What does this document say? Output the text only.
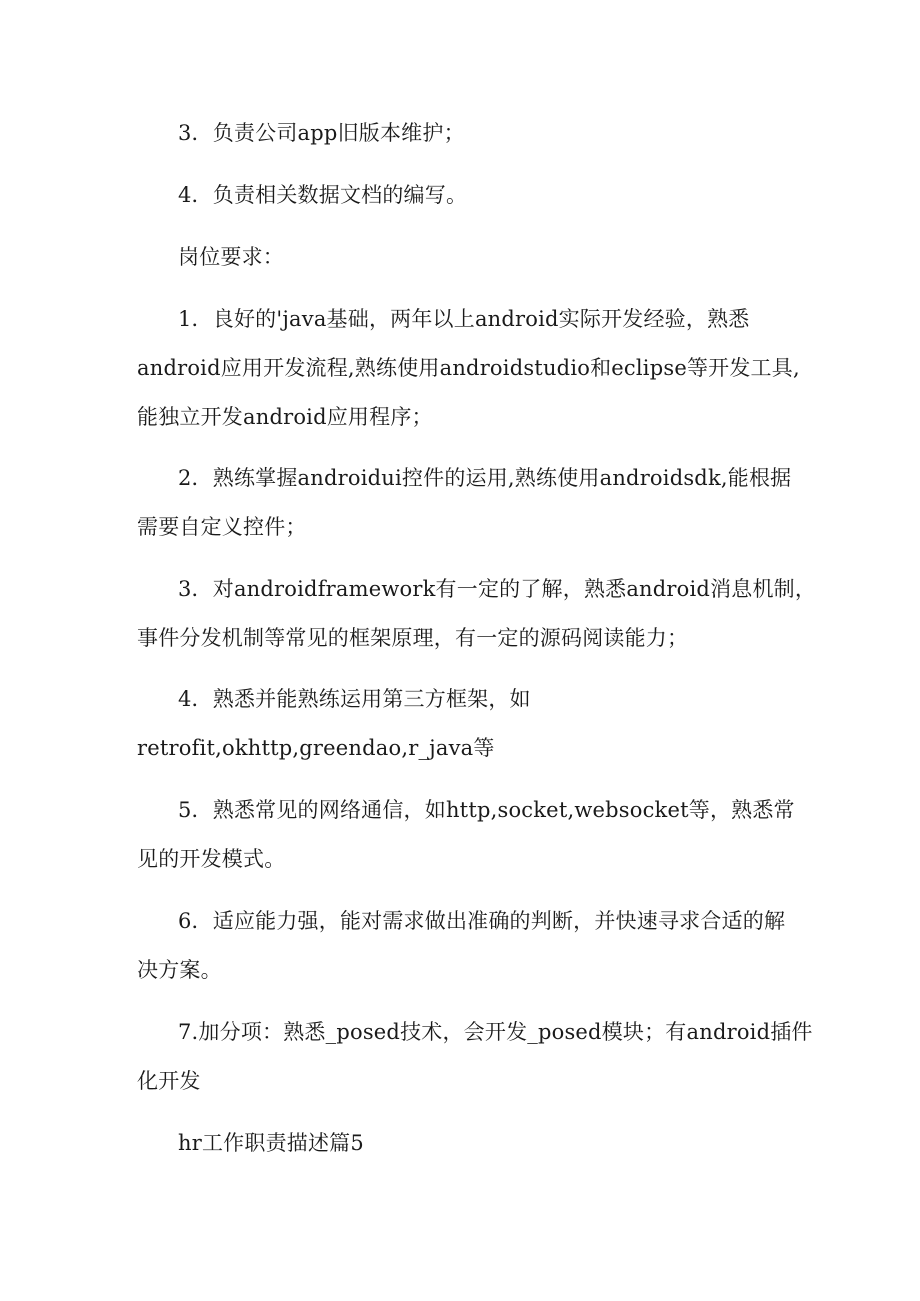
3．负责公司app旧版本维护；
4．负责相关数据文档的编写。
岗位要求：
1．良好的'java基础，两年以上android实际开发经验，熟悉
android应用开发流程,熟练使用androidstudio和eclipse等开发工具,
能独立开发android应用程序；
2．熟练掌握androidui控件的运用,熟练使用androidsdk,能根据
需要自定义控件；
3．对androidframework有一定的了解，熟悉android消息机制，
事件分发机制等常见的框架原理，有一定的源码阅读能力；
4．熟悉并能熟练运用第三方框架，如
retrofit,okhttp,greendao,r_java等
5．熟悉常见的网络通信，如http,socket,websocket等，熟悉常
见的开发模式。
6．适应能力强，能对需求做出准确的判断，并快速寻求合适的解
决方案。
7.加分项：熟悉_posed技术，会开发_posed模块；有android插件
化开发
hr工作职责描述篇5
